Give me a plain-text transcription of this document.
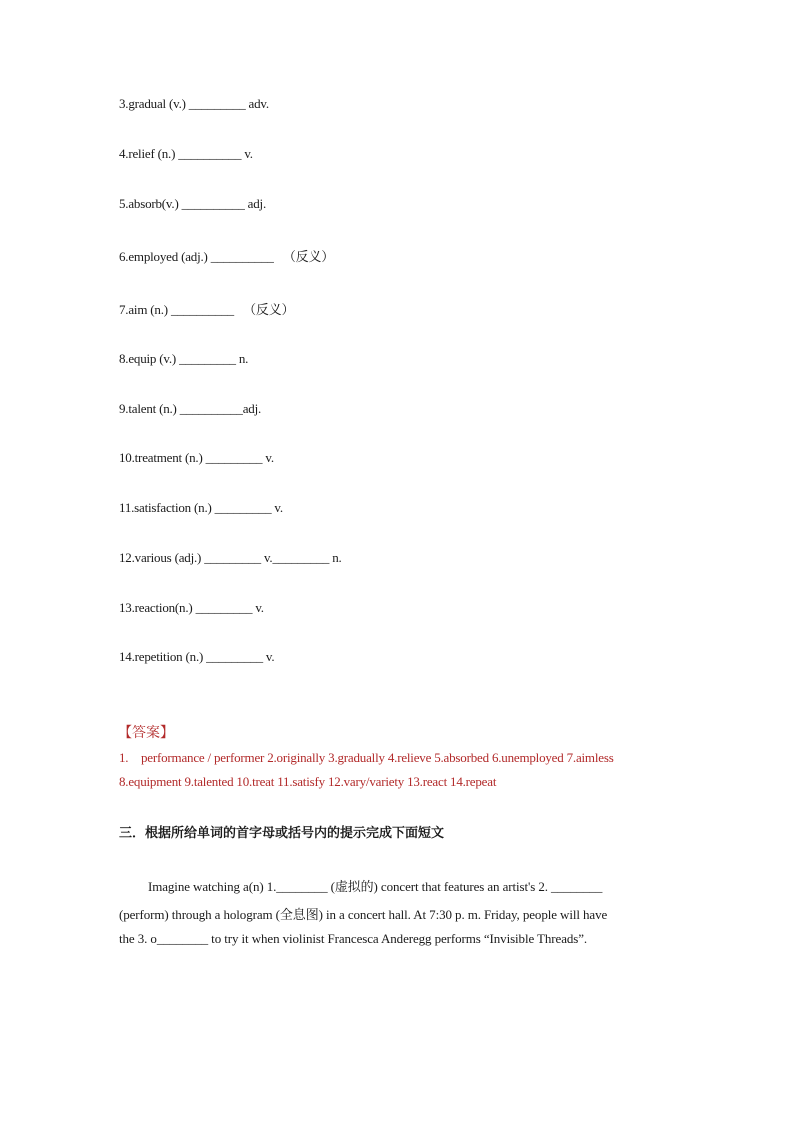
3.gradual (v.) _________ adv.
4.relief (n.) __________ v.
5.absorb(v.) __________ adj.
6.employed (adj.) __________ （反义）
7.aim (n.) __________ （反义）
8.equip (v.) _________ n.
9.talent (n.) __________adj.
10.treatment (n.) _________ v.
11.satisfaction (n.) _________ v.
12.various (adj.) _________ v._________ n.
13.reaction(n.) _________ v.
14.repetition (n.) _________ v.
【答案】
1. performance / performer 2.originally 3.gradually 4.relieve 5.absorbed 6.unemployed 7.aimless
8.equipment 9.talented 10.treat 11.satisfy 12.vary/variety 13.react 14.repeat
三．根据所给单词的首字母或括号内的提示完成下面短文
Imagine watching a(n) 1.________ (虚拟的) concert that features an artist's 2. ________
(perform) through a hologram (全息图) in a concert hall. At 7:30 p. m. Friday, people will have
the 3. o________ to try it when violinist Francesca Anderegg performs “Invisible Threads”.
